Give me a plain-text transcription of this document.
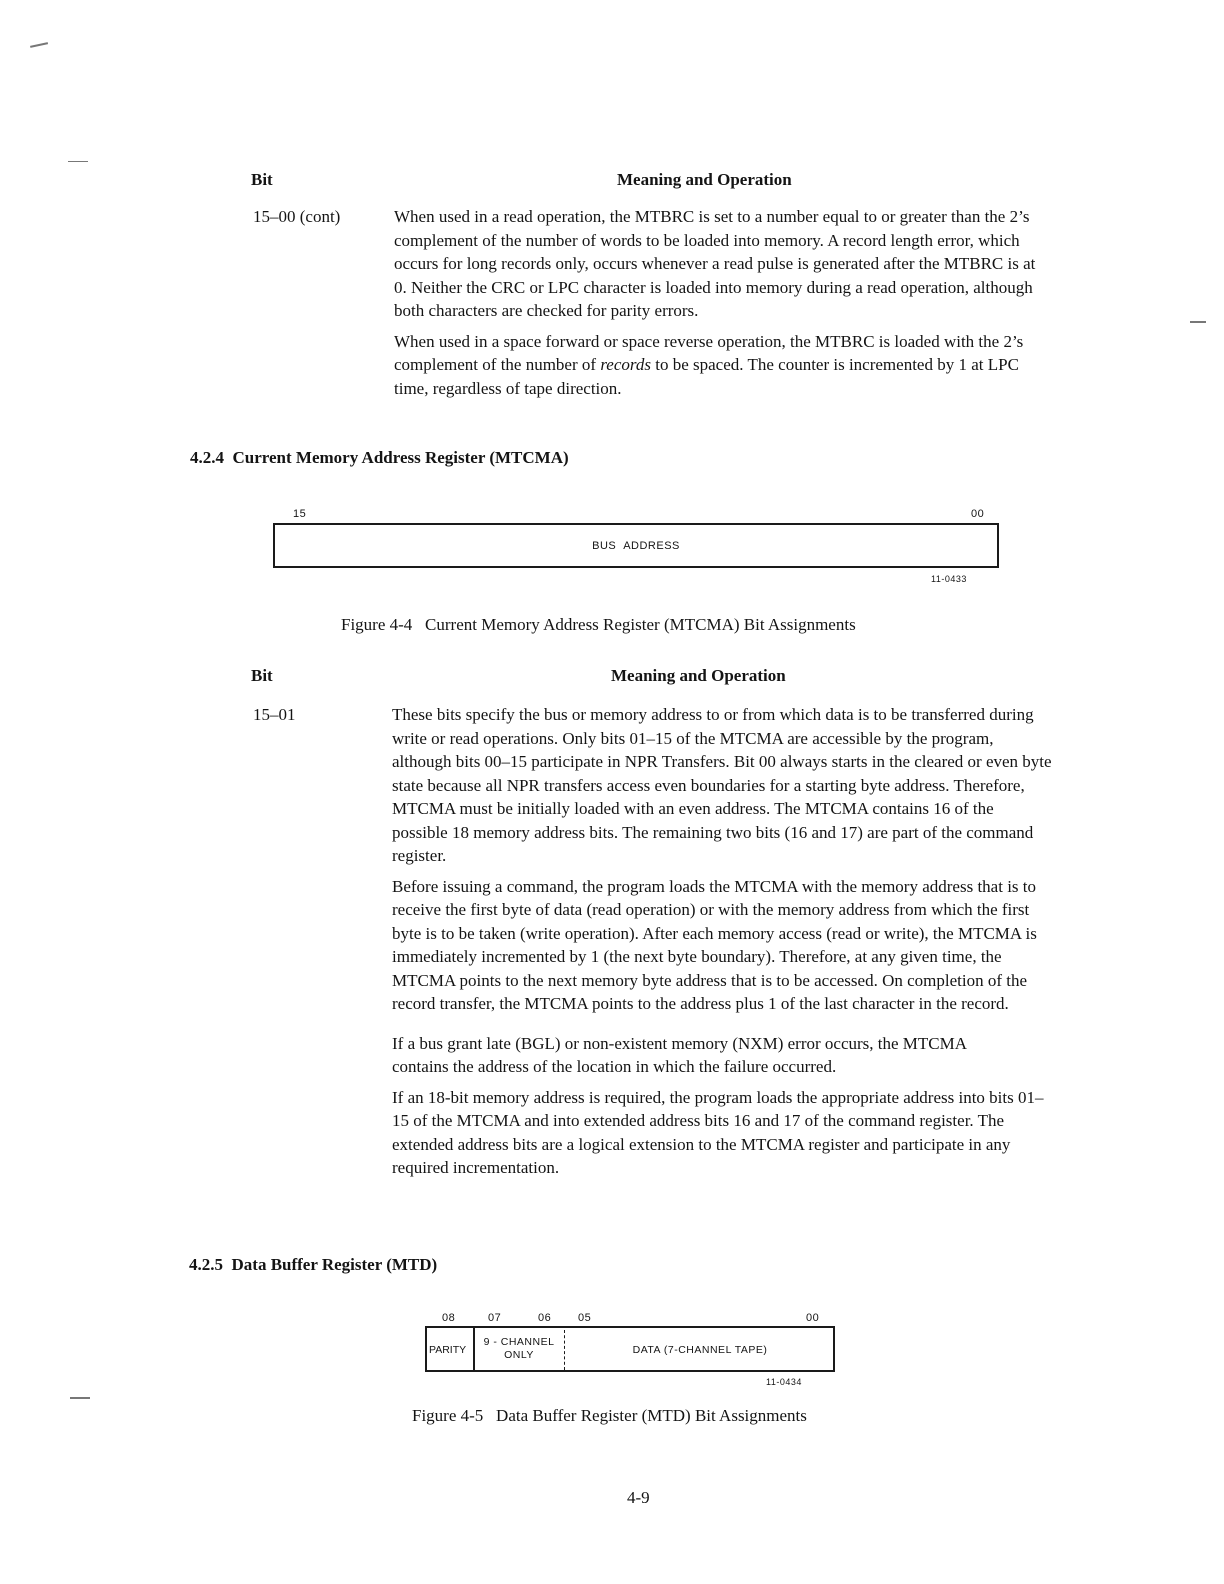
Bit	Meaning and Operation
15–00 (cont)	When used in a read operation, the MTBRC is set to a number equal to or greater than the 2’s complement of the number of words to be loaded into memory. A record length error, which occurs for long records only, occurs whenever a read pulse is generated after the MTBRC is at 0. Neither the CRC or LPC character is loaded into memory during a read operation, although both characters are checked for parity errors.

When used in a space forward or space reverse operation, the MTBRC is loaded with the 2’s complement of the number of records to be spaced. The counter is incremented by 1 at LPC time, regardless of tape direction.

4.2.4  Current Memory Address Register (MTCMA)
15	00
BUS ADDRESS
11-0433
Figure 4-4   Current Memory Address Register (MTCMA) Bit Assignments
Bit	Meaning and Operation
15–01	These bits specify the bus or memory address to or from which data is to be transferred during write or read operations. Only bits 01–15 of the MTCMA are accessible by the program, although bits 00–15 participate in NPR Transfers. Bit 00 always starts in the cleared or even byte state because all NPR transfers access even boundaries for a starting byte address. Therefore, MTCMA must be initially loaded with an even address. The MTCMA contains 16 of the possible 18 memory address bits. The remaining two bits (16 and 17) are part of the command register.

Before issuing a command, the program loads the MTCMA with the memory address that is to receive the first byte of data (read operation) or with the memory address from which the first byte is to be taken (write operation). After each memory access (read or write), the MTCMA is immediately incremented by 1 (the next byte boundary). Therefore, at any given time, the MTCMA points to the next memory byte address that is to be accessed. On completion of the record transfer, the MTCMA points to the address plus 1 of the last character in the record.

If a bus grant late (BGL) or non-existent memory (NXM) error occurs, the MTCMA contains the address of the location in which the failure occurred.

If an 18-bit memory address is required, the program loads the appropriate address into bits 01–15 of the MTCMA and into extended address bits 16 and 17 of the command register. The extended address bits are a logical extension to the MTCMA register and participate in any required incrementation.

4.2.5  Data Buffer Register (MTD)
08	07	06 05	00
PARITY
9 - CHANNEL
ONLY	DATA (7-CHANNEL TAPE)
11-0434
Figure 4-5   Data Buffer Register (MTD) Bit Assignments
4-9
